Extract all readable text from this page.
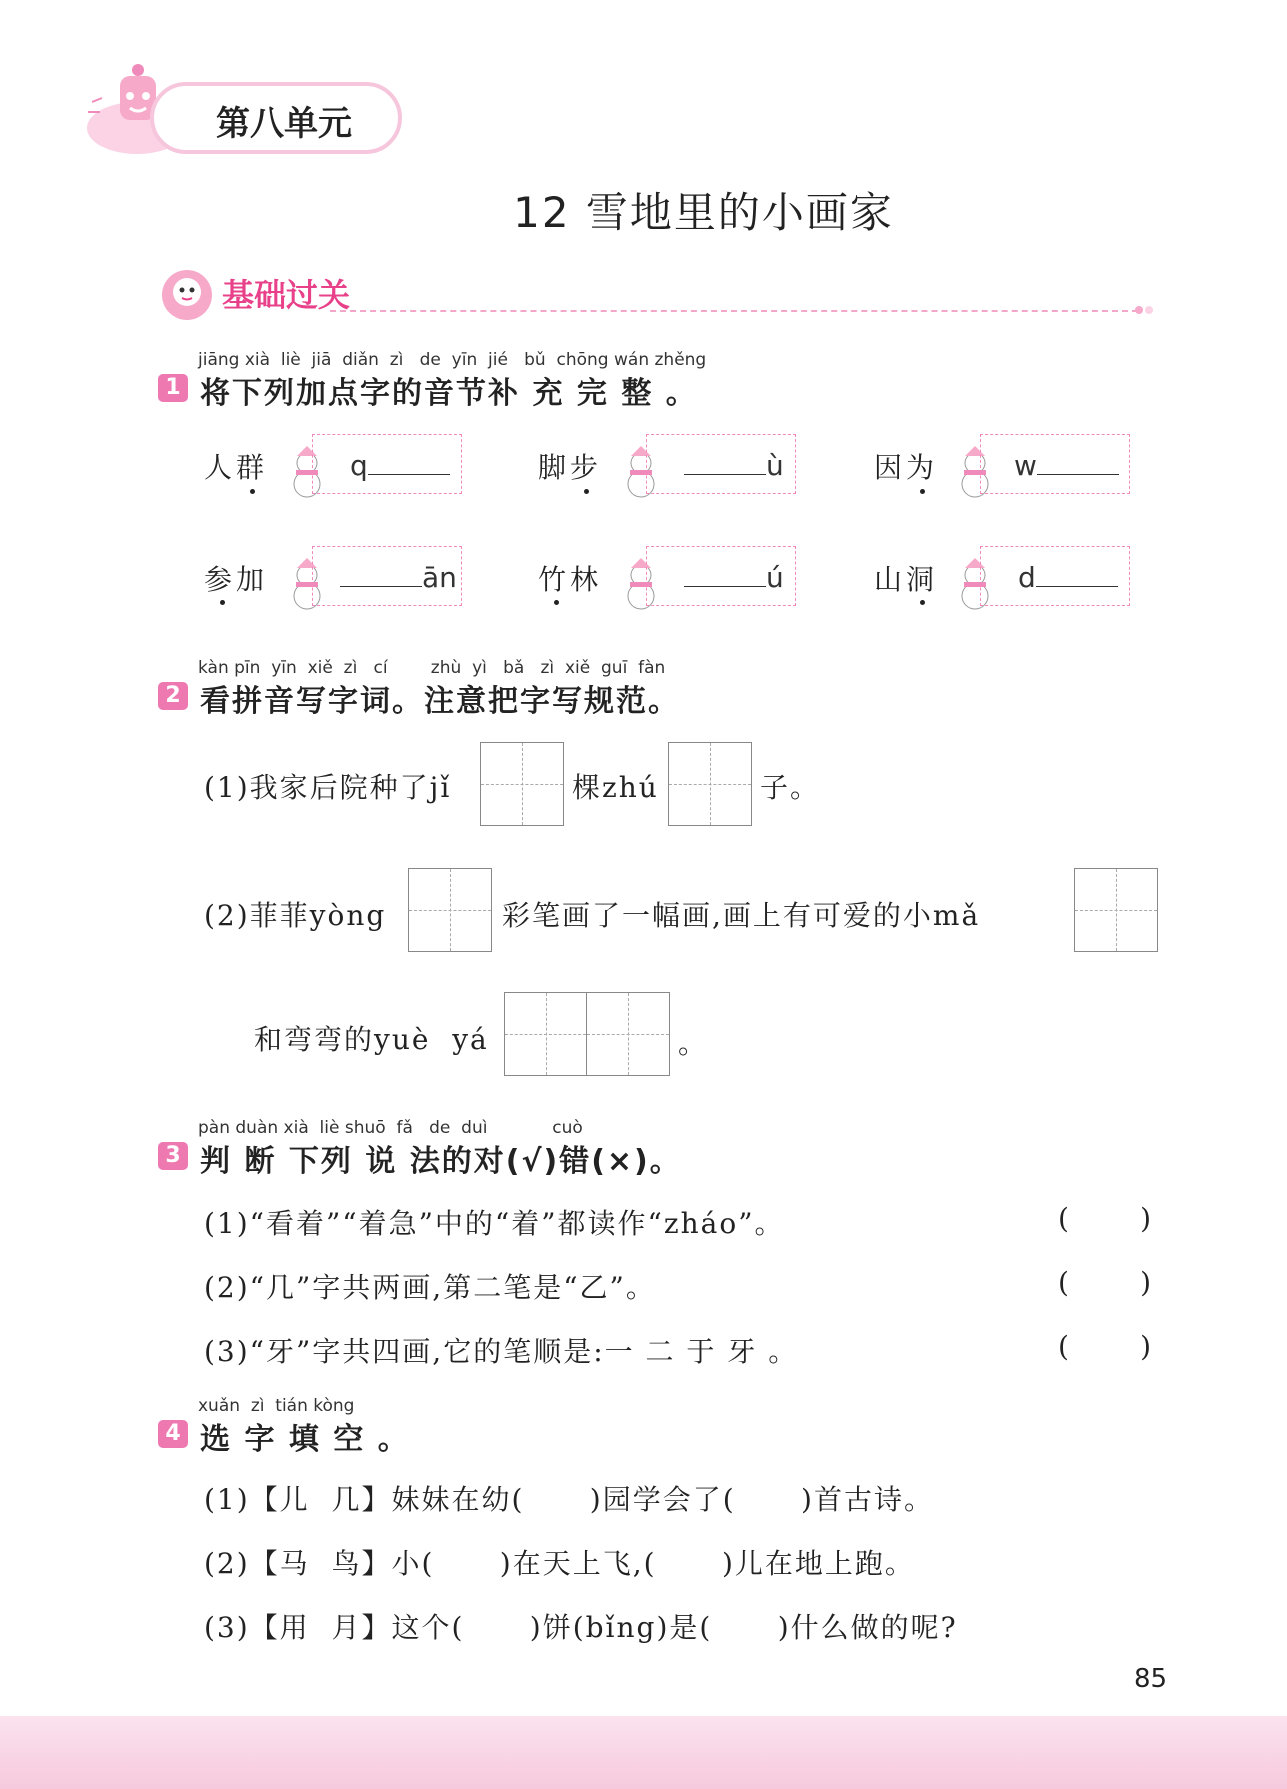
第八单元
12 雪地里的小画家
基础过关
jiāng xià  liè  jiā  diǎn  zì   de  yīn  jié   bǔ  chōng wán zhěng
1 将下列加点字的音节补 充 完 整 。
人群	q	脚步	ù	因为	w
参加	ān	竹林	ú	山洞	d
kàn pīn  yīn  xiě  zì   cí        zhù  yì   bǎ   zì  xiě  guī  fàn
2 看拼音写字词。注意把字写规范。
(1)我家后院种了jǐ	棵zhú	子。
(2)菲菲yòng	彩笔画了一幅画,画上有可爱的小mǎ
和弯弯的yuè  yá	。
pàn duàn xià  liè shuō  fǎ   de  duì            cuò
3 判 断 下列 说 法的对(√)错(×)。
(1)“看着”“着急”中的“着”都读作“zháo”。	(        )
(2)“几”字共两画,第二笔是“乙”。	(        )
(3)“牙”字共四画,它的笔顺是:一 二 于 牙 。	(        )
xuǎn  zì  tián kòng
4 选 字 填 空 。
(1)【儿  几】妹妹在幼(      )园学会了(      )首古诗。
(2)【马  鸟】小(      )在天上飞,(      )儿在地上跑。
(3)【用  月】这个(      )饼(bǐng)是(      )什么做的呢?
85
